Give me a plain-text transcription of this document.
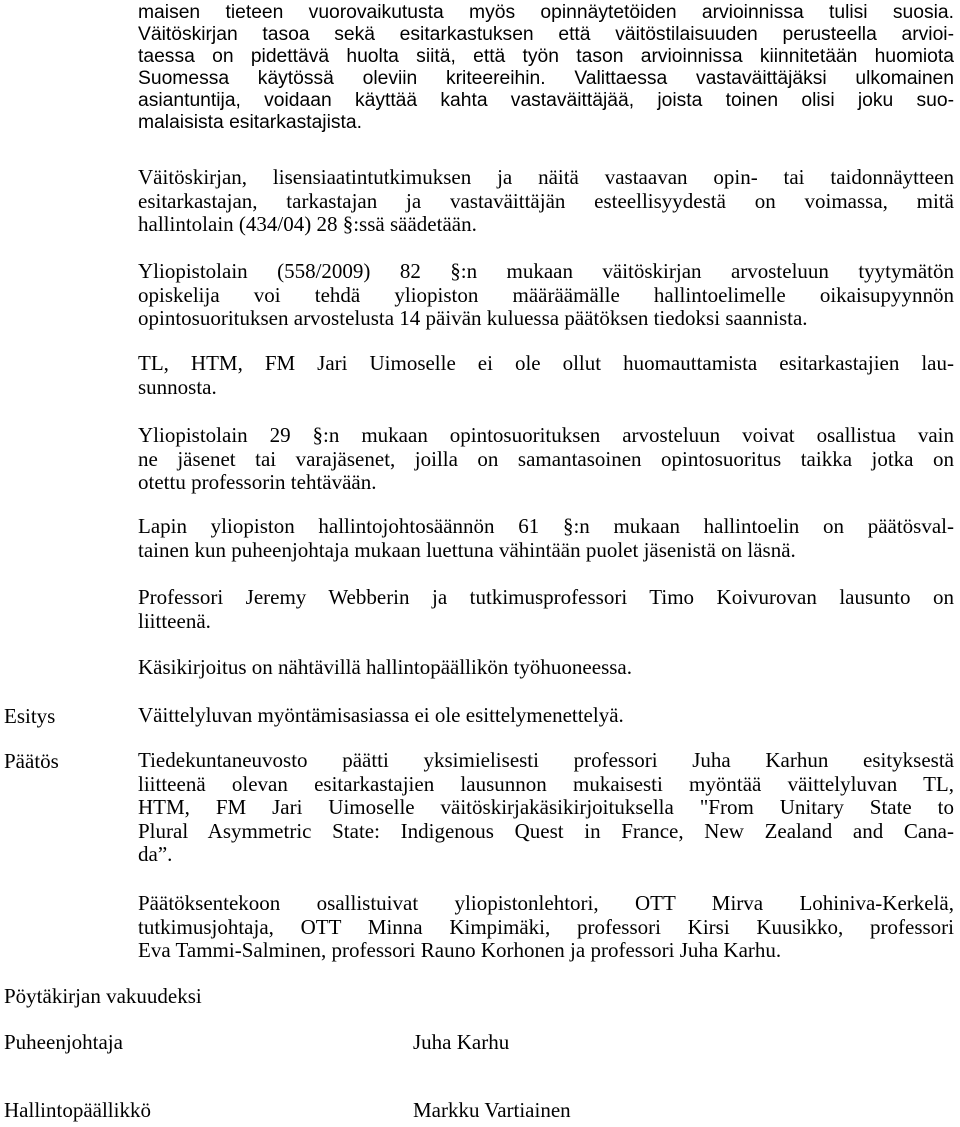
maisen tieteen vuorovaikutusta myös opinnäytetöiden arvioinnissa tulisi suosia.
Väitöskirjan tasoa sekä esitarkastuksen että väitöstilaisuuden perusteella arvioi-
taessa on pidettävä huolta siitä, että työn tason arvioinnissa kiinnitetään huomiota
Suomessa käytössä oleviin kriteereihin. Valittaessa vastaväittäjäksi ulkomainen
asiantuntija, voidaan käyttää kahta vastaväittäjää, joista toinen olisi joku suo-
malaisista esitarkastajista.

Väitöskirjan, lisensiaatintutkimuksen ja näitä vastaavan opin- tai taidonnäytteen
esitarkastajan, tarkastajan ja vastaväittäjän esteellisyydestä on voimassa, mitä
hallintolain (434/04) 28 §:ssä säädetään.

Yliopistolain (558/2009) 82 §:n mukaan väitöskirjan arvosteluun tyytymätön
opiskelija voi tehdä yliopiston määräämälle hallintoelimelle oikaisupyynnön
opintosuorituksen arvostelusta 14 päivän kuluessa päätöksen tiedoksi saannista.

TL, HTM, FM Jari Uimoselle ei ole ollut huomauttamista esitarkastajien lau-
sunnosta.

Yliopistolain 29 §:n mukaan opintosuorituksen arvosteluun voivat osallistua vain
ne jäsenet tai varajäsenet, joilla on samantasoinen opintosuoritus taikka jotka on
otettu professorin tehtävään.

Lapin yliopiston hallintojohtosäännön 61 §:n mukaan hallintoelin on päätösval-
tainen kun puheenjohtaja mukaan luettuna vähintään puolet jäsenistä on läsnä.

Professori Jeremy Webberin ja tutkimusprofessori Timo Koivurovan lausunto on
liitteenä.

Käsikirjoitus on nähtävillä hallintopäällikön työhuoneessa.

Esitys	Väittelyluvan myöntämisasiassa ei ole esittelymenettelyä.

Päätös	Tiedekuntaneuvosto päätti yksimielisesti professori Juha Karhun esityksestä
liitteenä olevan esitarkastajien lausunnon mukaisesti myöntää väittelyluvan TL,
HTM, FM Jari Uimoselle väitöskirjakäsikirjoituksella "From Unitary State to
Plural Asymmetric State: Indigenous Quest in France, New Zealand and Cana-
da”.

Päätöksentekoon osallistuivat yliopistonlehtori, OTT Mirva Lohiniva-Kerkelä,
tutkimusjohtaja, OTT Minna Kimpimäki, professori Kirsi Kuusikko, professori
Eva Tammi-Salminen, professori Rauno Korhonen ja professori Juha Karhu.

Pöytäkirjan vakuudeksi

Puheenjohtaja	Juha Karhu

Hallintopäällikkö	Markku Vartiainen
